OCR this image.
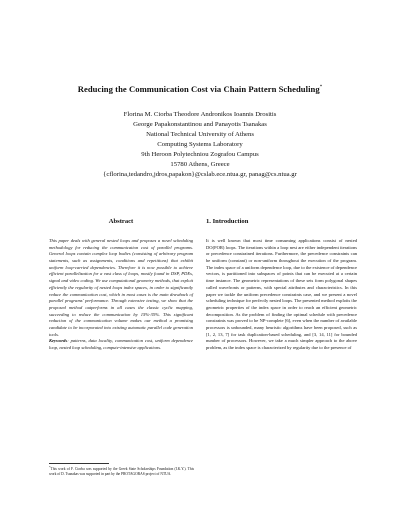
Reducing the Communication Cost via Chain Pattern Scheduling*
Florina M. Ciorba Theodore Andronikos Ioannis Drositis
George Papakonstantinou and Panayotis Tsanakas
National Technical University of Athens
Computing Systems Laboratory
9th Heroon Polytechniou Zografou Campus
15780 Athens, Greece
{cflorina,tedandro,jdros,papakon}@cslab.ece.ntua.gr, panag@cs.ntua.gr
Abstract
This paper deals with general nested loops and proposes a novel scheduling methodology for reducing the communication cost of parallel programs. General loops contain complex loop bodies (consisting of arbitrary program statements, such as assignments, conditions and repetitions) that exhibit uniform loop-carried dependencies. Therefore it is now possible to achieve efficient parallelization for a vast class of loops, mostly found in DSP, PDEs, signal and video coding. We use computational geometry methods, that exploit efficiently the regularity of nested loops index spaces, in order to significantly reduce the communication cost, which in most cases is the main drawback of parallel programs' performance. Through extensive testing, we show that the proposed method outperforms in all cases the classic cyclic mapping, succeeding to reduce the communication by 15%-35%. This significant reduction of the communication volume makes our method a promising candidate to be incorporated into existing automatic parallel code generation tools.
Keywords: patterns, data locality, communication cost, uniform dependence loop, nested loop scheduling, compute-intensive applications.
*This work of F. Ciorba was supported by the Greek State Scholarships Foundation (I.K.Y.). This work of D. Tsanakas was supported in part by the PROTAGORAS project of NTUA.
1. Introduction
It is well known that most time consuming applications consist of nested DO(FOR) loops. The iterations within a loop nest are either independent iterations or precedence constrained iterations. Furthermore, the precedence constraints can be uniform (constant) or non-uniform throughout the execution of the program. The index space of a uniform dependence loop, due to the existence of dependence vectors, is partitioned into subspaces of points that can be executed at a certain time instance. The geometric representations of these sets form polygonal shapes called wavefronts or patterns, with special attributes and characteristics. In this paper we tackle the uniform precedence constraints case, and we present a novel scheduling technique for perfectly nested loops. The presented method exploits the geometric properties of the index space in order to reach an efficient geometric decomposition. As the problem of finding the optimal schedule with precedence constraints was proved to be NP-complete [6], even when the number of available processors is unbounded, many heuristic algorithms have been proposed, such as [1, 2, 13, 7] for task duplication-based scheduling, and [3, 14, 11] for bounded number of processors. However, we take a much simpler approach to the above problem, as the index space is characterized by regularity due to the presence of
